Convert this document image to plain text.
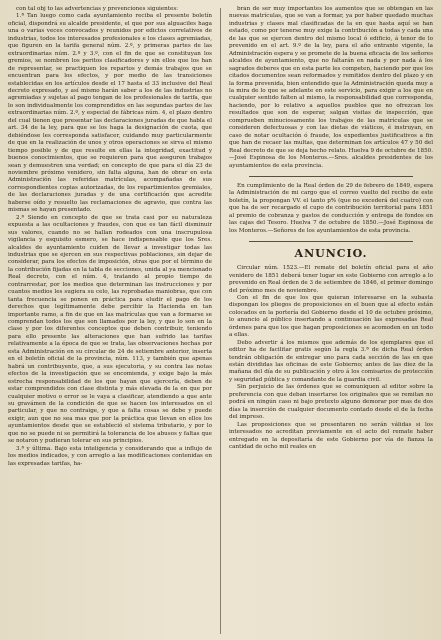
con tal obj to las advertencias y prevenciones siguientes:

1.ª Tan luego como cada ayuntamiento reciba el presente boletín oficial, dispondrá su alcalde presidente, el que por sus alguaciles haga una o varias veces convocados y reunidos por edictos correlativos de industrias, todos los interesados profesionales e los clases agremiadas, que figuren en la tarifa general núm. 2.º, y primeras partes de las extraordinarias núm. 2.º y 3.º, con el fin de que se constituyan los gremios, se nombren los peritos clasificadores y sin ellos que los han de representar, se practiquen los repartos y demás trabajos que se encuentran para los efectos, y por medio de las transiciones establecidas en los artículos desde el 17 hasta el 33 inclusive del Real decreto expresado, y así mismo harán saber a los de las industrias no agremiadas y sujetas al pago tengan de los profesionales de tarifa, que lo son individualmente los comprendidos en las segundas partes de las extraordinarias núm. 2.º, y especial de fábricas núm. 4, el plazo dentro del cual tienen que presentar las declaraciones juradas de que habla el art. 34 de la ley, para que se los haga la designación de cuota, que debiéndose les corresponda satisfacer, cuidando muy particularmente de que en la realización de unos y otros operaciones se sirva el mismo tiempo posible y de que resulte en ellas la integridad, exactitud y buenos conocimientos, que se requieren para que aseguren trabajos sean y demuestren una verdad; en concepto de que para el día 23 de noviembre próximo venidero, sin falta alguna, han de obrar en esta Administración las referidas matrículas, acompañadas de sus correspondientes copias autorizadas, de los repartimientos gremiales, de las declaraciones juradas y de una certificación que acredite haberse oído y resuelto las reclamaciones de agravio, que contra las mismas se hayan presentado.

2.ª Siendo en concepto de que se trata casi por su naturaleza expuesta a las ocultaciones y fraudes, con que es tan fácil disminuir sus valores, cuando no se hallan rodeados con una inscrupulosa vigilancia y esquisito esmero, se hace indispensable que los Sres. alcaldes de ayuntamiento cuiden de llevar a investigar todas las industrias que se ejercen en sus respectivas poblaciones, sin dejar de considerar, para los efectos de imposición, otras que por el término de la contribución fijadas en la tabla de secciones, unida al ya mencionado Real decreto, con el núm. 4, tratando al propio tiempo de contrarrestar, por los medios que determinan las instrucciones y por cuantos medios les sugiera su celo, las reprobadas maniobras, que con tanta frecuencia se ponen en práctica para eludir el pago de los derechos que legítimamente debe percibir la Hacienda en tan importante ramo, a fin de que en las matrículas que van a formarse se comprendan todos los que son llamados por la ley, y que lo son en la clase y por los diferentes conceptos que deben contribuir, teniendo para ello presente las alteraciones que han sufrido las tarifas relativamente a la época de que se trata, las observaciones hechas por esta Administración en su circular de 24 de setiembre anterior, inserta en el boletín oficial de la provincia, núm. 113, y también que apenas habrá un contribuyente, que, a sus ejecutoria, y su contra las notas efectos de la investigación que se encomienda, y exige bajo la más estrecha responsabilidad de los que hayan que ejercerla, deben de estar comprendidos con clase distinta y más elevada de la en que por cualquier motivo o error se le vaya a clasificar, atendiendo a que ante su gravámen de la condición de que se hacen los interesados en el particular, y que no contraige, y que a falta cosas se debe y puede exigir, aun que no sea mas que por la práctica que llevan en ellos los ayuntamientos desde que se estableció el sistema tributario, y por lo que no se puede ni se permitirá la tolerancia de los abusos y faltas que se notaron y pudieran tolerar en sus principios.

3.ª y última. Bajo esta inteligencia y considerando que a influjo de los medios indicados, y con arreglo a las modificaciones contenidas en las expresadas tarifas, ha-

brán de ser muy importantes los aumentos que se obtengan en las nuevas matrículas, que se van a formar, ya por haber quedado muchas industrias y clases mal clasificadas de la en que hasta aquí se han estado, como por tenerse muy exige la contribución a todas y cada una de las que se ejercen dentro del mismo local ó edificio, á tenor de lo prevenido en el art. 9.º de la ley, para el año entrante vigente, la Administración espera y se promete de la buena eficacia de los señores alcaldes de ayuntamiento, que no faltarán en nada y por nada á los sagrados deberes que en esta parte les competen, haciendo por que los citados documentos sean reformados y remitidos dentro del plazo y en la forma prevenida, bien entendido que la Administración queda muy a la mira de lo que se adelante en este servicio, para exigir a los que en cualquier sentido falten al mismo, la responsabilidad que corresponda, haciendo, por lo relativo a aquellos pueblos que no ofrezcan los resultados que son de esperar, salgan visitas de inspección, que comprueben minuciosamente los trabajos de las matrículas que se consideren defectuosas y con las dietas de viáticos, é instruyan, en caso de notar ocultación ó fraude, los expedientes justificativos a fin que han de recaer las multas, que determinan los artículos 47 y 50 del Real decreto de que se deja hecho relato. Huelva 9 de octubre de 1850.—José Espinosa de los Monteros.—Sres. alcaldes presidentes de los ayuntamientos de esta provincia.

En cumplimiento de la Real órden de 29 de febrero de 1849, espera la Administración de mi cargo que el correo vuelto del recibo de este boletín, la propongan VV. el tanto p% (que no excederá del cuatro) con que ha de ser recargado el cupo de contribución territorial para 1851 al premio de cobranza y gastos de conducción y entrega de fondos en las cajas del Tesoro. Huelva 7 de octubre de 1850.—José Espinosa de los Monteros.—Señores de los ayuntamientos de esta provincia.

ANUNCIO.

Circular núm. 1523.—El remate del boletín oficial para el año venidero de 1851 deberá tener lugar en este Gobierno con arreglo a lo prevenido en Real órden de 3 de setiembre de 1846, el primer domingo del próximo mes de noviembre.

Con el fin de que los que quieran interesarse en la subasta dispongan los pliegos de proposiciones en el buen que al efecto están colocados en la portería del Gobierno desde el 10 de octubre próximo, lo anuncio al público insertando a continuación las expresadas Real órdenes para que los que hagan proposiciones se acomoden en un todo a ellas.

Debo advertir á los mismos que además de los ejemplares que el editor ha de facilitar gratis según la regla 3.ª de dicha Real órden tendrán obligación de entregar uno para cada sección de las en que están divididas las oficinas de este Gobierno; antes de las diez de la mañana del día de su publicación y otro á los comisarios de protección y seguridad pública y comandante de la guardia civil.

Sin perjuicio de las órdenes que se comuniquen al editor sobre la preferencia con que deban insertarse los originales que se remitan no podrá en ningún caso ni bajo pretexto alguno demorar por mas de dos días la inserción de cualquier documento contado desde el de la fecha del impreso.

Las proposiciones que se presentaren no serán válidas si los interesados no acreditan previamente en el acto del remate haber entregado en la depositaría de este Gobierno por vía de fianza la cantidad de ocho mil reales en
